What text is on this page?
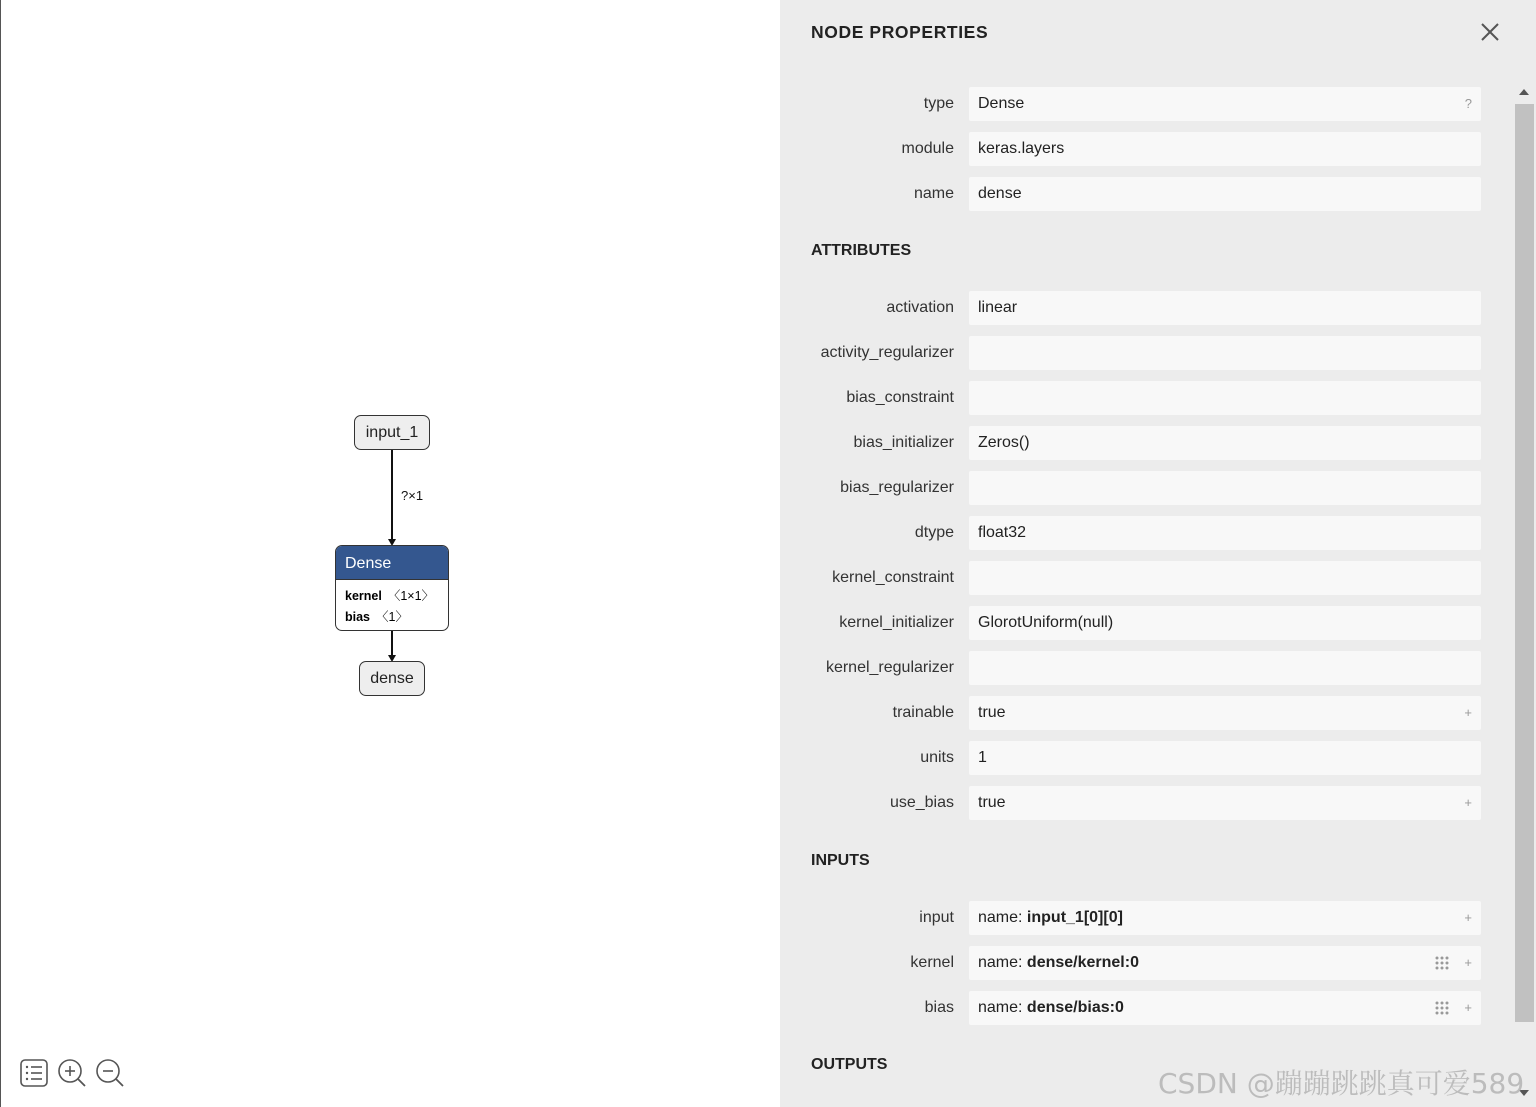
input_1
?×1
Dense
kernel 〈1×1〉
bias 〈1〉
dense
NODE PROPERTIES
type	Dense	?
module	keras.layers
name	dense
ATTRIBUTES
activation	linear
activity_regularizer
bias_constraint
bias_initializer	Zeros()
bias_regularizer
dtype	float32
kernel_constraint
kernel_initializer	GlorotUniform(null)
kernel_regularizer
trainable	true	+
units	1
use_bias	true	+
INPUTS
input	name: input_1[0][0]	+
kernel	name: dense/kernel:0	+
bias	name: dense/bias:0	+
OUTPUTS
CSDN @蹦蹦跳跳真可爱589
